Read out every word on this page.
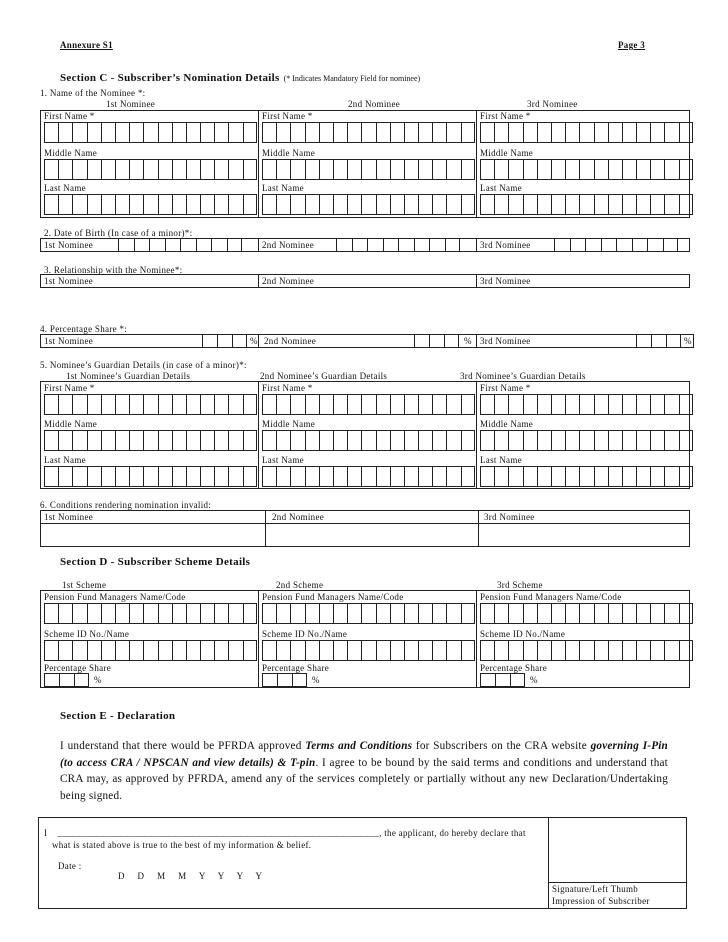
Annexure S1	Page 3
Section C - Subscriber’s Nomination Details (* Indicates Mandatory Field for nominee)
1. Name of the Nominee *:
1st Nominee	2nd Nominee	3rd Nominee
First Name *	First Name *	First Name *
Middle Name	Middle Name	Middle Name
Last Name	Last Name	Last Name
2. Date of Birth (In case of a minor)*:
1st Nominee	2nd Nominee	3rd Nominee
3. Relationship with the Nominee*:
1st Nominee	2nd Nominee	3rd Nominee
4. Percentage Share *:
1st Nominee	2nd Nominee	3rd Nominee
%	%	%
5. Nominee’s Guardian Details (in case of a minor)*:
1st Nominee’s Guardian Details	2nd Nominee’s Guardian Details	3rd Nominee’s Guardian Details
First Name *	First Name *	First Name *
Middle Name	Middle Name	Middle Name
Last Name	Last Name	Last Name
6. Conditions rendering nomination invalid:
1st Nominee	2nd Nominee	3rd Nominee
Section D - Subscriber Scheme Details
1st Scheme	2nd Scheme	3rd Scheme
Pension Fund Managers Name/Code	Pension Fund Managers Name/Code	Pension Fund Managers Name/Code
Scheme ID No./Name	Scheme ID No./Name	Scheme ID No./Name
Percentage Share	Percentage Share	Percentage Share
%	%	%
Section E - Declaration
I understand that there would be PFRDA approved Terms and Conditions for Subscribers on the CRA website governing I-Pin (to access CRA / NPSCAN and view details) & T-pin. I agree to be bound by the said terms and conditions and understand that CRA may, as approved by PFRDA, amend any of the services completely or partially without any new Declaration/Undertaking being signed.
I ___________________________________________________________________, the applicant, do hereby declare that
what is stated above is true to the best of my information & belief.
Date :
D     D     M     M     Y     Y     Y     Y
Signature/Left Thumb
Impression of Subscriber
